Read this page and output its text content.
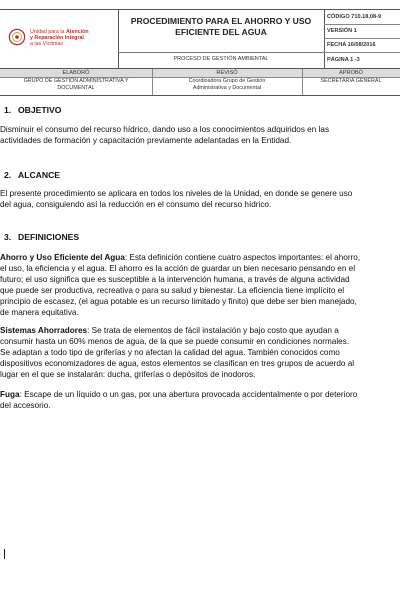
Unidad para la Atención
y Reparación Integral
a las Víctimas
PROCEDIMIENTO PARA EL AHORRO Y USO
EFICIENTE DEL AGUA
PROCESO DE GESTIÓN AMBIENTAL
CÓDIGO 710.18.08-9
VERSIÓN 1
FECHA 16/08/2016
PÁGINA 1 -3
ELABORÓ	REVISÓ	APROBÓ
GRUPO DE GESTIÓN ADMINISTRATIVA Y
DOCUMENTAL
Coordinadora Grupo de Gestión
Administrativa y Documental
SECRETARIA GENERAL
1. OBJETIVO
Disminuir el consumo del recurso hídrico, dando uso a los conocimientos adquiridos en las
actividades de formación y capacitación previamente adelantadas en la Entidad.
2. ALCANCE
El presente procedimiento se aplicara en todos los niveles de la Unidad, en donde se genere uso
del agua, consiguiendo así la reducción en el consumo del recurso hídrico.
3. DEFINICIONES
Ahorro y Uso Eficiente del Agua: Esta definición contiene cuatro aspectos importantes: el ahorro,
el uso, la eficiencia y el agua. El ahorro es la acción de guardar un bien necesario pensando en el
futuro; el uso significa que es susceptible a la intervención humana, a través de alguna actividad
que puede ser productiva, recreativa o para su salud y bienestar. La eficiencia tiene implícito el
principio de escasez, (el agua potable es un recurso limitado y finito) que debe ser bien manejado,
de manera equitativa.
Sistemas Ahorradores: Se trata de elementos de fácil instalación y bajo costo que ayudan a
consumir hasta un 60% menos de agua, de la que se puede consumir en condiciones normales.
Se adaptan a todo tipo de griferías y no afectan la calidad del agua. También conocidos como
dispositivos economizadores de agua, estos elementos se clasifican en tres grupos de acuerdo al
lugar en el que se instalarán: ducha, griferías o depósitos de inodoros.
Fuga: Escape de un líquido o un gas, por una abertura provocada accidentalmente o por deterioro
del accesorio.
